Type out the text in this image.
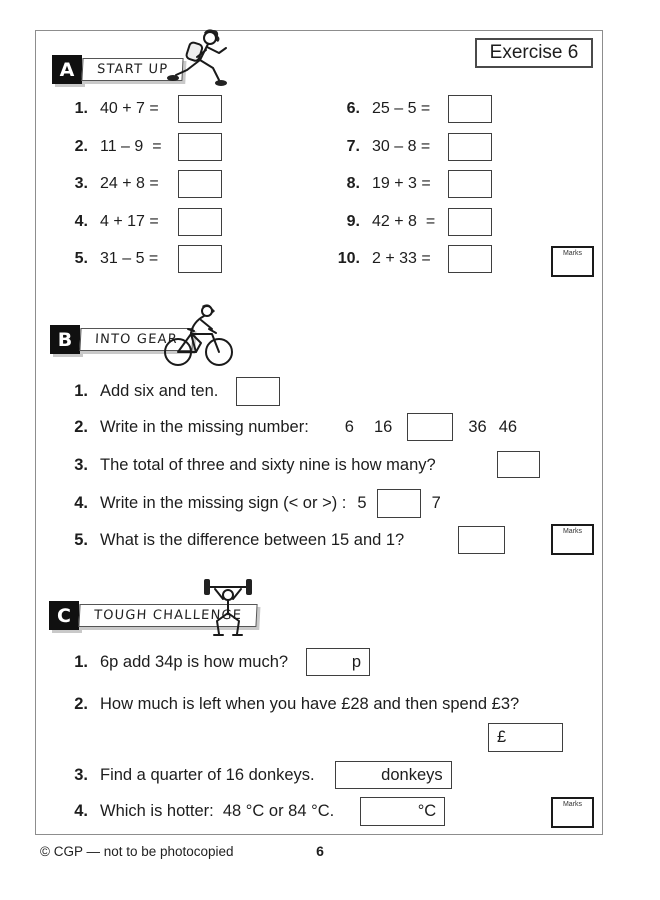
Exercise 6
A	START UP
1. 40 + 7 =
2. 11 – 9  =
3. 24 + 8 =
4. 4 + 17 =
5. 31 – 5 =
6. 25 – 5 =
7. 30 – 8 =
8. 19 + 3 =
9. 42 + 8  =
10. 2 + 33 =	Marks
B	INTO GEAR
1. Add six and ten.
2. Write in the missing number: 6 16	36 46
3. The total of three and sixty nine is how many?
4. Write in the missing sign (< or >) : 5	7
5. What is the difference between 15 and 1?	Marks
C	TOUGH CHALLENGE
1. 6p add 34p is how much?	p
2. How much is left when you have £28 and then spend £3?
£
3. Find a quarter of 16 donkeys.	donkeys
4. Which is hotter:  48 °C or 84 °C.	°C	Marks
© CGP — not to be photocopied	6
